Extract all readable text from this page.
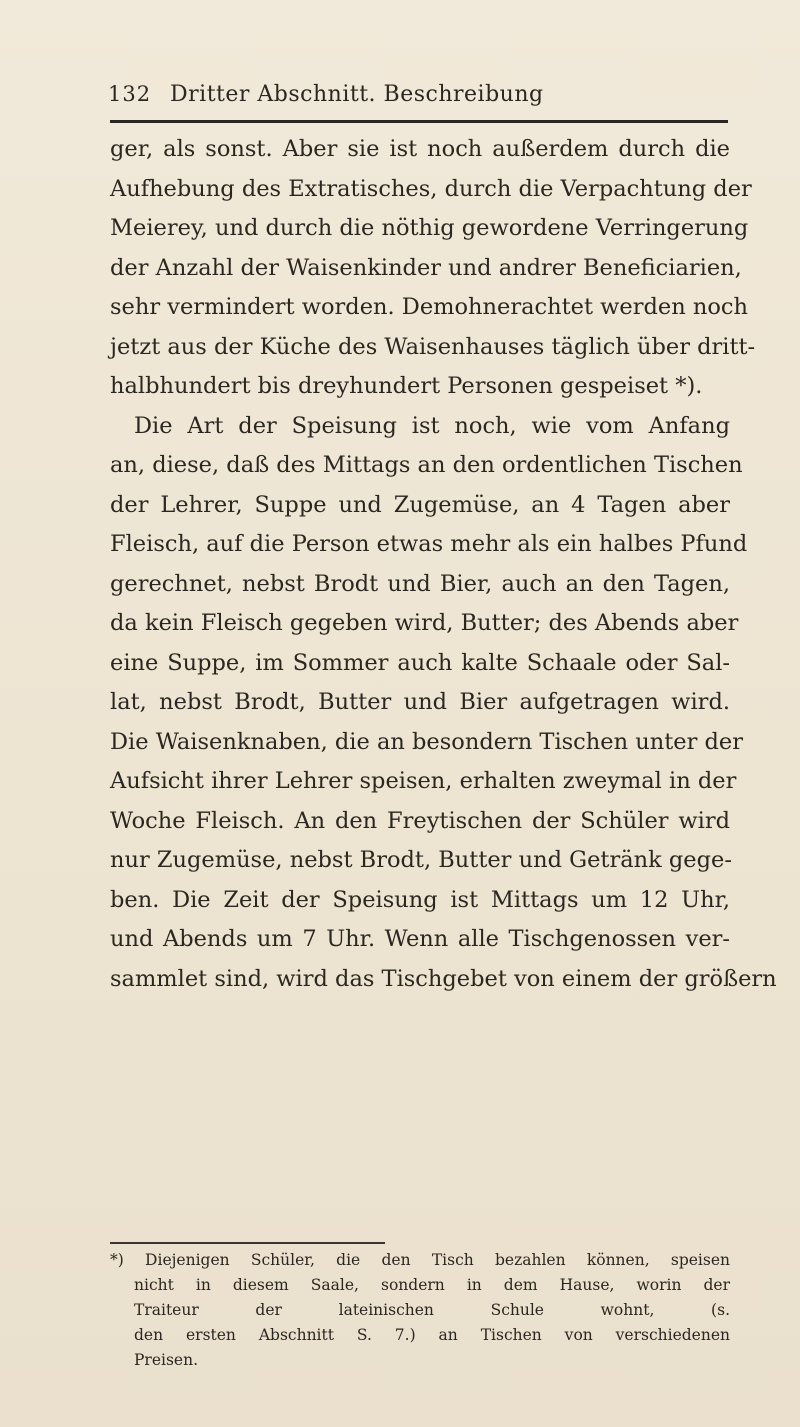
132 Dritter Abschnitt. Beschreibung
ger, als sonst. Aber sie ist noch außerdem durch die
Aufhebung des Extratisches, durch die Verpachtung der
Meierey, und durch die nöthig gewordene Verringerung
der Anzahl der Waisenkinder und andrer Beneficiarien,
sehr vermindert worden. Demohnerachtet werden noch
jetzt aus der Küche des Waisenhauses täglich über dritt-
halbhundert bis dreyhundert Personen gespeiset *).
Die Art der Speisung ist noch, wie vom Anfang
an, diese, daß des Mittags an den ordentlichen Tischen
der Lehrer, Suppe und Zugemüse, an 4 Tagen aber
Fleisch, auf die Person etwas mehr als ein halbes Pfund
gerechnet, nebst Brodt und Bier, auch an den Tagen,
da kein Fleisch gegeben wird, Butter; des Abends aber
eine Suppe, im Sommer auch kalte Schaale oder Sal-
lat, nebst Brodt, Butter und Bier aufgetragen wird.
Die Waisenknaben, die an besondern Tischen unter der
Aufsicht ihrer Lehrer speisen, erhalten zweymal in der
Woche Fleisch. An den Freytischen der Schüler wird
nur Zugemüse, nebst Brodt, Butter und Getränk gege-
ben. Die Zeit der Speisung ist Mittags um 12 Uhr,
und Abends um 7 Uhr. Wenn alle Tischgenossen ver-
sammlet sind, wird das Tischgebet von einem der größern
*) Diejenigen Schüler, die den Tisch bezahlen können, speisen
nicht in diesem Saale, sondern in dem Hause, worin der
Traiteur der lateinischen Schule wohnt, (s.
den ersten Abschnitt S. 7.) an Tischen von verschiedenen
Preisen.
